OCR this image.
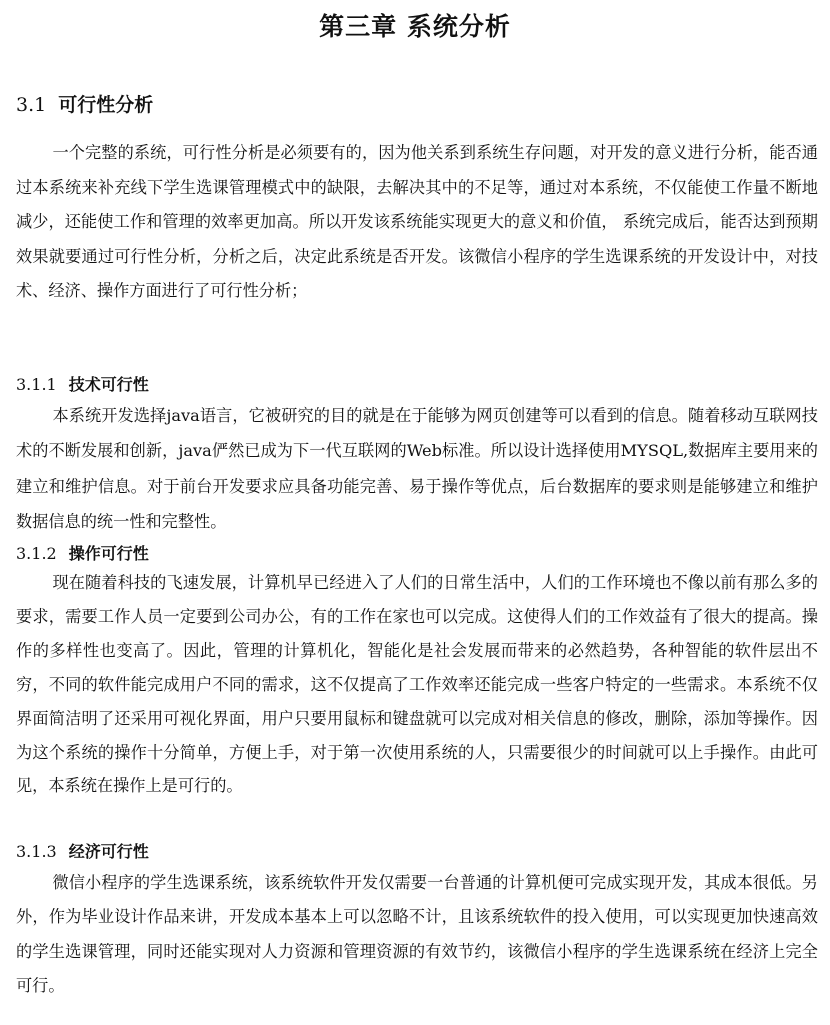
第三章 系统分析
3.1 可行性分析

一个完整的系统，可行性分析是必须要有的，因为他关系到系统生存问题，对开发的意义进行分析，能否通过本系统来补充线下学生选课管理模式中的缺限，去解决其中的不足等，通过对本系统，不仅能使工作量不断地减少，还能使工作和管理的效率更加高。所以开发该系统能实现更大的意义和价值， 系统完成后，能否达到预期效果就要通过可行性分析，分析之后，决定此系统是否开发。该微信小程序的学生选课系统的开发设计中，对技术、经济、操作方面进行了可行性分析；

3.1.1 技术可行性

本系统开发选择java语言，它被研究的目的就是在于能够为网页创建等可以看到的信息。随着移动互联网技术的不断发展和创新，java俨然已成为下一代互联网的Web标准。所以设计选择使用MYSQL,数据库主要用来的建立和维护信息。对于前台开发要求应具备功能完善、易于操作等优点，后台数据库的要求则是能够建立和维护数据信息的统一性和完整性。

3.1.2 操作可行性

现在随着科技的飞速发展，计算机早已经进入了人们的日常生活中，人们的工作环境也不像以前有那么多的要求，需要工作人员一定要到公司办公，有的工作在家也可以完成。这使得人们的工作效益有了很大的提高。操作的多样性也变高了。因此，管理的计算机化，智能化是社会发展而带来的必然趋势，各种智能的软件层出不穷，不同的软件能完成用户不同的需求，这不仅提高了工作效率还能完成一些客户特定的一些需求。本系统不仅界面简洁明了还采用可视化界面，用户只要用鼠标和键盘就可以完成对相关信息的修改，删除，添加等操作。因为这个系统的操作十分简单，方便上手，对于第一次使用系统的人，只需要很少的时间就可以上手操作。由此可见，本系统在操作上是可行的。

3.1.3 经济可行性

微信小程序的学生选课系统，该系统软件开发仅需要一台普通的计算机便可完成实现开发，其成本很低。另外，作为毕业设计作品来讲，开发成本基本上可以忽略不计，且该系统软件的投入使用，可以实现更加快速高效的学生选课管理，同时还能实现对人力资源和管理资源的有效节约，该微信小程序的学生选课系统在经济上完全可行。
